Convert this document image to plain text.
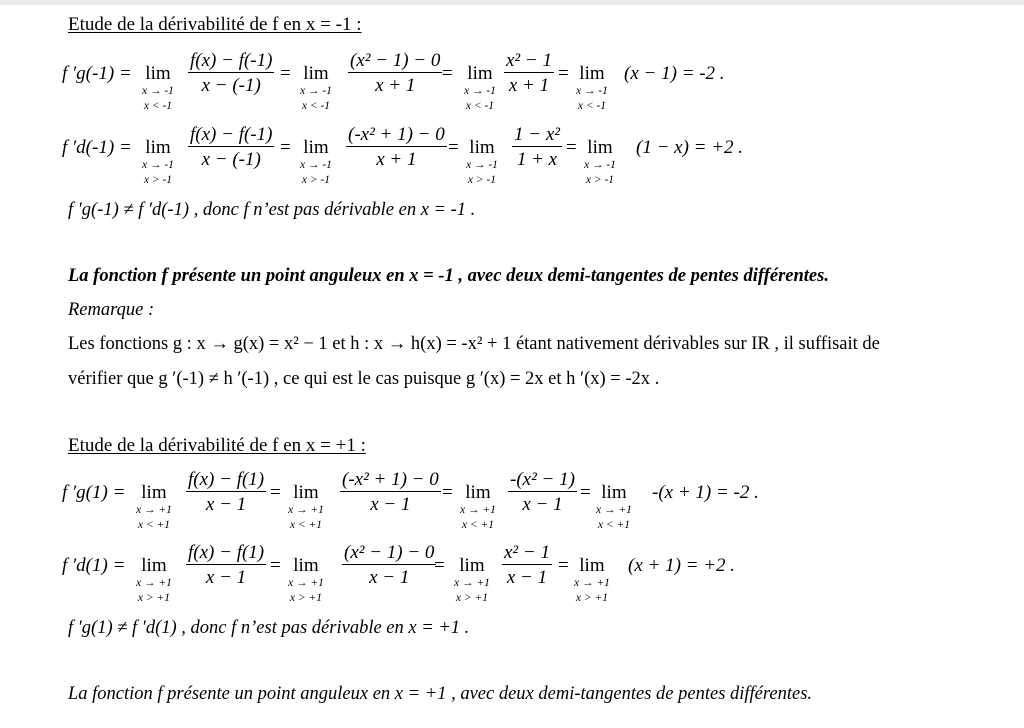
Etude de la dérivabilité de f en x = -1 :
f ′g(-1) = lim
x → -1
x < -1
$\frac{f(x) - f(-1)}{x - (-1)} = \lim$
x → -1
x < -1
$\frac{\text{(x² − 1) − 0}}{x + 1} = \lim$
x → -1
x < -1
$\frac{\text{x² − 1}}{x + 1} = \lim$
x → -1
x < -1
(x − 1) = -2 .
f ′d(-1) = lim
x → -1
x > -1
$\frac{f(x) - f(-1)}{x - (-1)} = \lim$
x → -1
x > -1
$\frac{\text{(-x² + 1) − 0}}{x + 1} = \lim$
x → -1
x > -1
$\frac{\text{1 − x²}}{1 + x} = \lim$
x → -1
x > -1
(1 − x) = +2 .
f ′g(-1) ≠ f ′d(-1) , donc f n’est pas dérivable en x = -1 .
La fonction f présente un point anguleux en x = -1 , avec deux demi-tangentes de pentes différentes.
Remarque :
Les fonctions g : x → g(x) = x² − 1 et h : x → h(x) = -x² + 1 étant nativement dérivables sur IR , il suffisait de
vérifier que g ′(-1) ≠ h ′(-1) , ce qui est le cas puisque g ′(x) = 2x et h ′(x) = -2x .
Etude de la dérivabilité de f en x = +1 :
f ′g(1) = lim
x → +1
x < +1
$\frac{f(x) - f(1)}{x - 1} = \lim$
x → +1
x < +1
$\frac{\text{(-x² + 1) − 0}}{x - 1} = \lim$
x → +1
x < +1
$\frac{\text{-(x² − 1)}}{x - 1} = \lim$
x → +1
x < +1
-(x + 1) = -2 .
f ′d(1) = lim
x → +1
x > +1
$\frac{f(x) - f(1)}{x - 1} = \lim$
x → +1
x > +1
$\frac{\text{(x² − 1) − 0}}{x - 1}$
= lim
x → +1
x > +1
$\frac{\text{x² − 1}}{x - 1} = \lim$
x → +1
x > +1
(x + 1) = +2 .
f ′g(1) ≠ f ′d(1) , donc f n’est pas dérivable en x = +1 .
La fonction f présente un point anguleux en x = +1 , avec deux demi-tangentes de pentes différentes.
